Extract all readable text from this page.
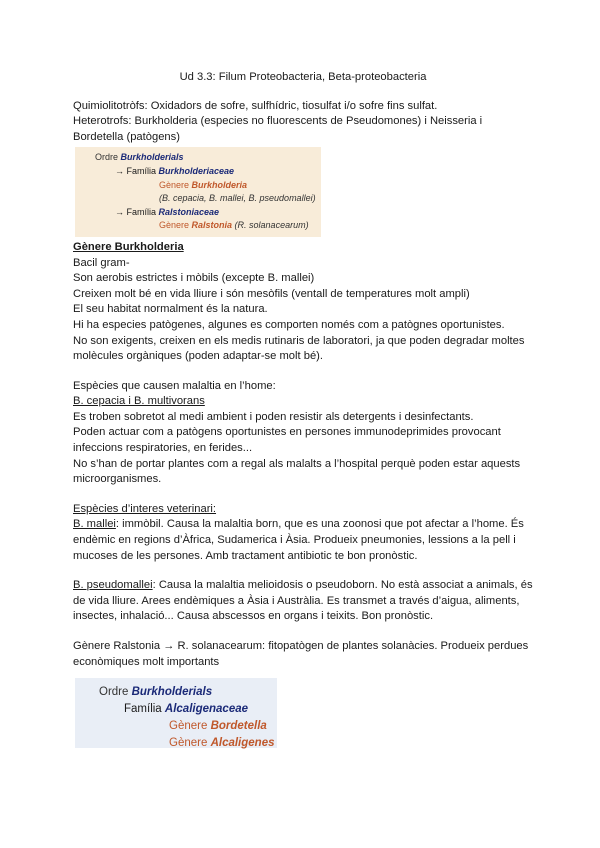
Ud 3.3: Filum Proteobacteria, Beta-proteobacteria

Quimiolitotròfs: Oxidadors de sofre, sulfhídric, tiosulfat i/o sofre fins sulfat.

Heterotrofs: Burkholderia (especies no fluorescents de Pseudomones) i Neisseria i Bordetella (patògens)

Ordre Burkholderials
→ Família Burkholderiaceae
Gènere Burkholderia
(B. cepacia, B. mallei, B. pseudomallei)
→ Família Ralstoniaceae
Gènere Ralstonia (R. solanacearum)

Gènere Burkholderia

Bacil gram-

Son aerobis estrictes i mòbils (excepte B. mallei)

Creixen molt bé en vida lliure i són mesòfils (ventall de temperatures molt ampli)

El seu habitat normalment és la natura.

Hi ha especies patògenes, algunes es comporten només com a patògnes oportunistes.

No son exigents, creixen en els medis rutinaris de laboratori, ja que poden degradar moltes molècules orgàniques (poden adaptar-se molt bé).

Espècies que causen malaltia en l’home:

B. cepacia i B. multivorans

Es troben sobretot al medi ambient i poden resistir als detergents i desinfectants.

Poden actuar com a patògens oportunistes en persones immunodeprimides provocant infeccions respiratories, en ferides...

No s’han de portar plantes com a regal als malalts a l’hospital perquè poden estar aquests microorganismes.

Espècies d’interes veterinari:

B. mallei: immòbil. Causa la malaltia born, que es una zoonosi que pot afectar a l’home. És endèmic en regions d’Àfrica, Sudamerica i Àsia. Produeix pneumonies, lessions a la pell i mucoses de les persones. Amb tractament antibiotic te bon pronòstic.

B. pseudomallei: Causa la malaltia melioidosis o pseudoborn. No està associat a animals, és de vida lliure. Arees endèmiques a Àsia i Austràlia. Es transmet a través d’aigua, aliments, insectes, inhalació... Causa abscessos en organs i teixits. Bon pronòstic.

Gènere Ralstonia → R. solanacearum: fitopatògen de plantes solanàcies. Produeix perdues econòmiques molt importants

Ordre Burkholderials
Família Alcaligenaceae
Gènere Bordetella
Gènere Alcaligenes
